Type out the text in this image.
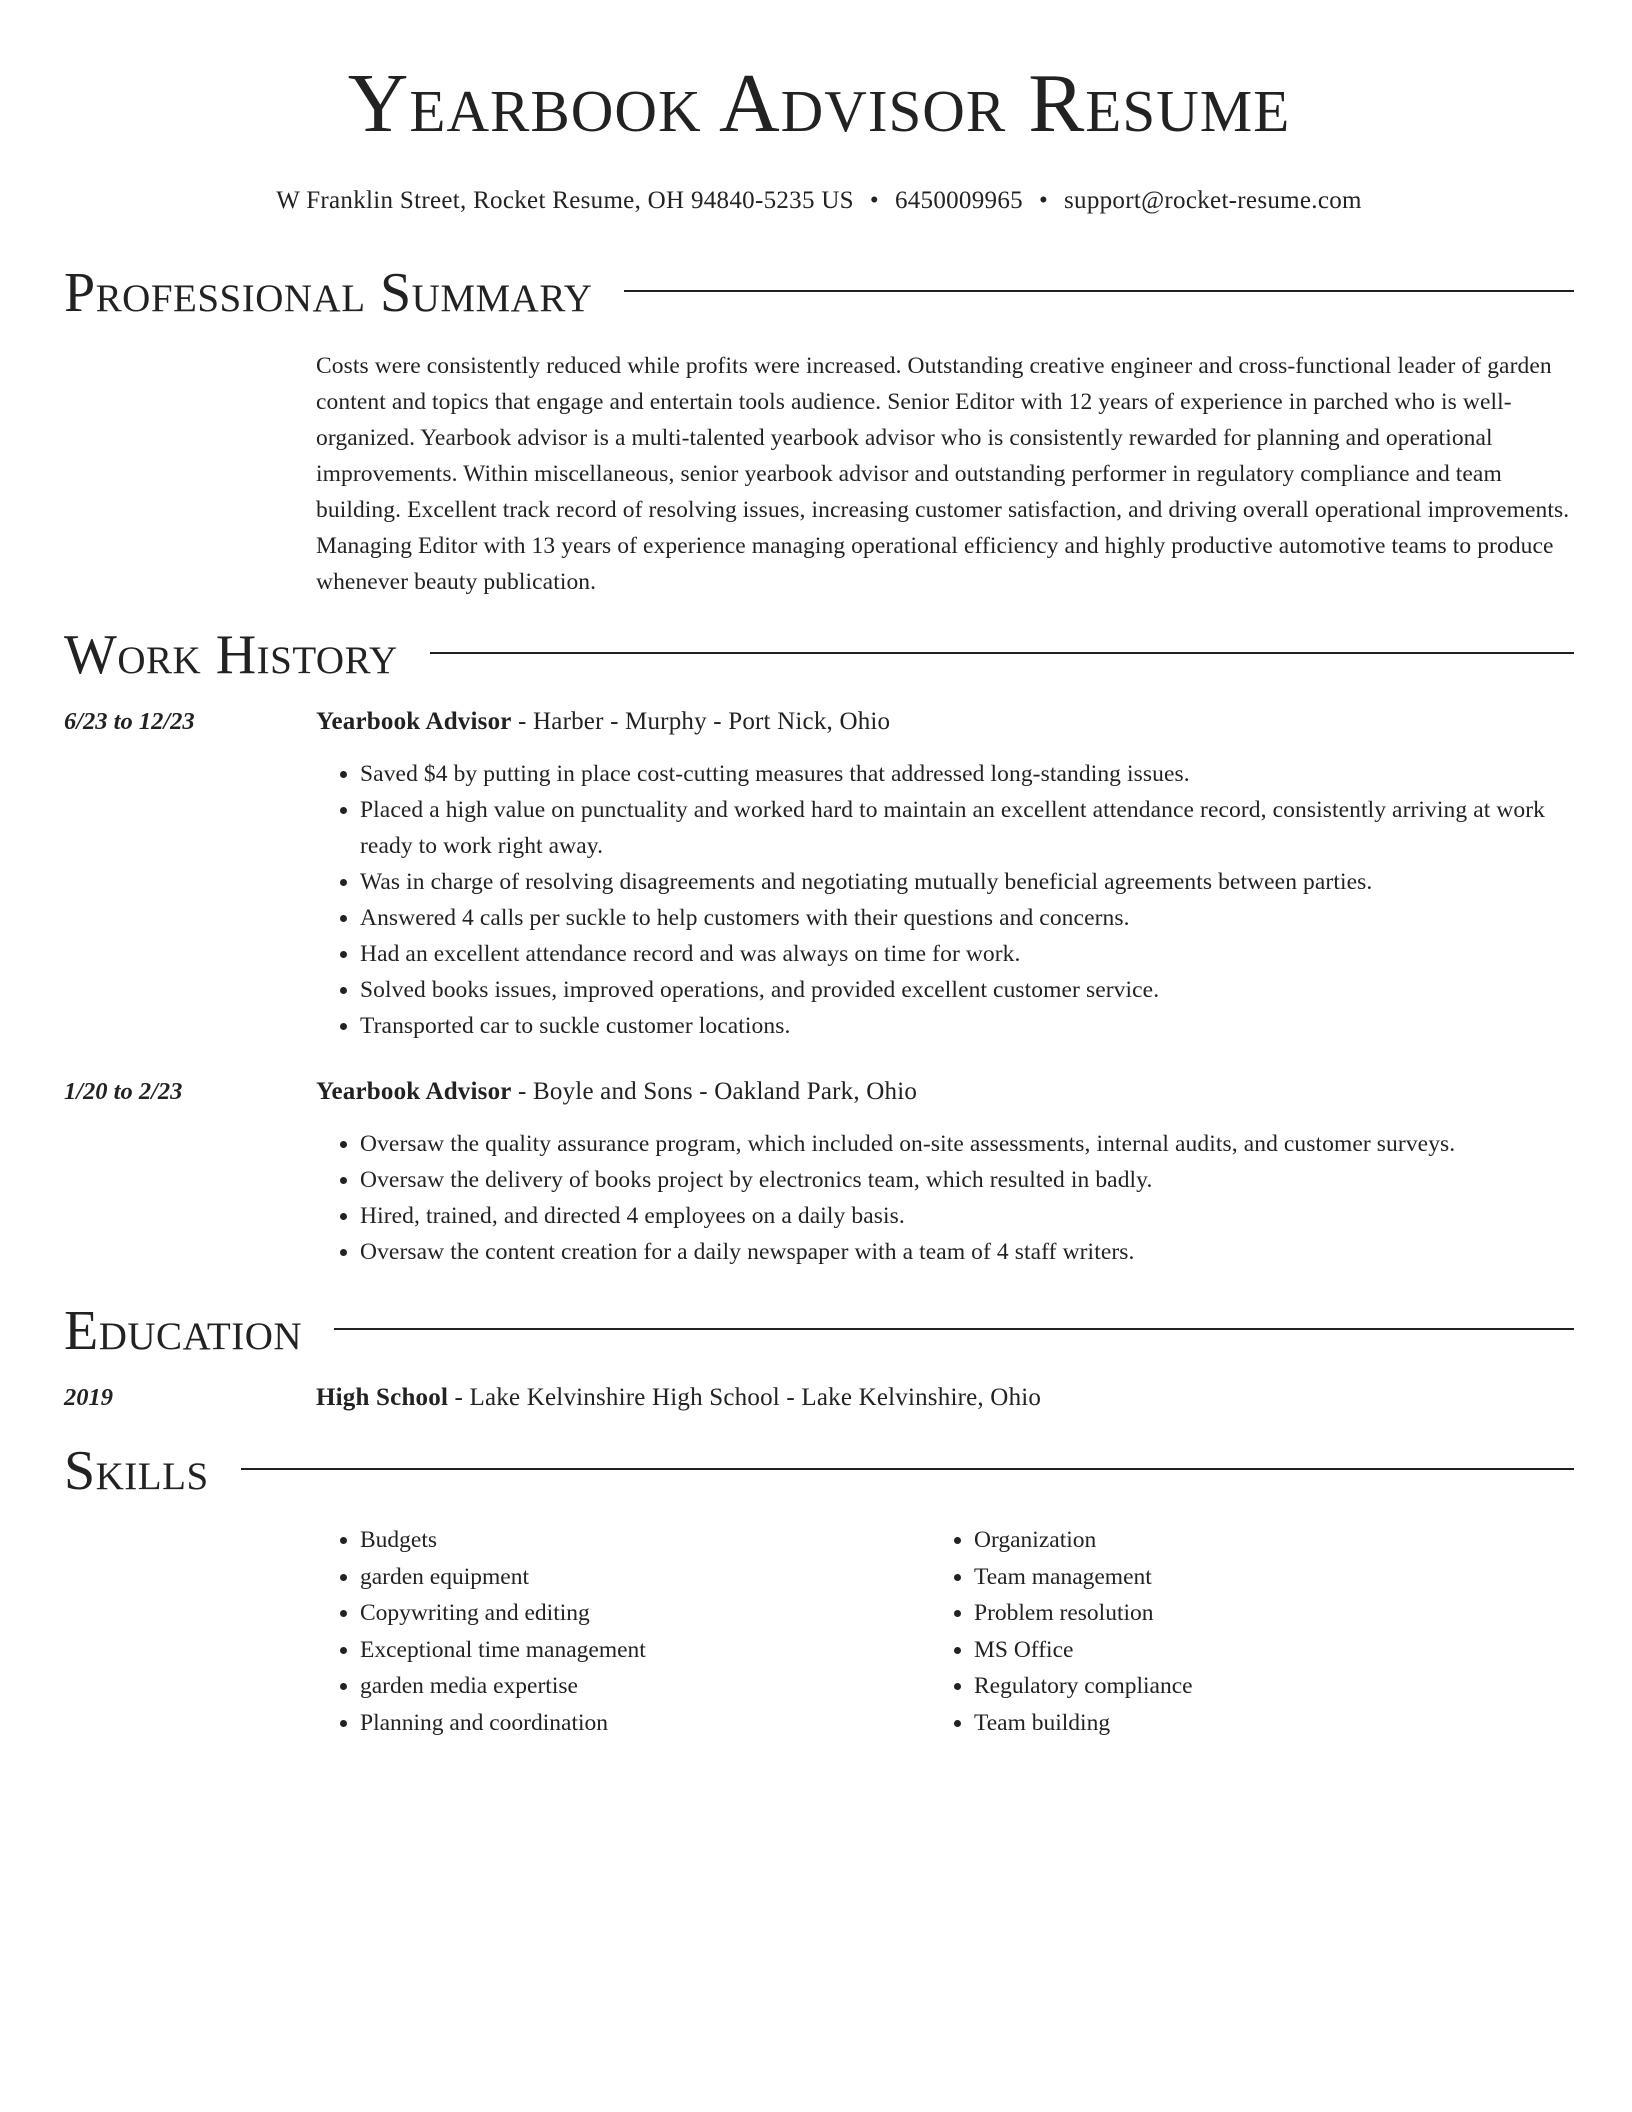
Yearbook Advisor Resume
W Franklin Street, Rocket Resume, OH 94840-5235 US • 6450009965 • support@rocket-resume.com
Professional Summary
Costs were consistently reduced while profits were increased. Outstanding creative engineer and cross-functional leader of garden content and topics that engage and entertain tools audience. Senior Editor with 12 years of experience in parched who is well-organized. Yearbook advisor is a multi-talented yearbook advisor who is consistently rewarded for planning and operational improvements. Within miscellaneous, senior yearbook advisor and outstanding performer in regulatory compliance and team building. Excellent track record of resolving issues, increasing customer satisfaction, and driving overall operational improvements. Managing Editor with 13 years of experience managing operational efficiency and highly productive automotive teams to produce whenever beauty publication.
Work History
6/23 to 12/23	Yearbook Advisor - Harber - Murphy - Port Nick, Ohio
• Saved $4 by putting in place cost-cutting measures that addressed long-standing issues.
• Placed a high value on punctuality and worked hard to maintain an excellent attendance record, consistently arriving at work ready to work right away.
• Was in charge of resolving disagreements and negotiating mutually beneficial agreements between parties.
• Answered 4 calls per suckle to help customers with their questions and concerns.
• Had an excellent attendance record and was always on time for work.
• Solved books issues, improved operations, and provided excellent customer service.
• Transported car to suckle customer locations.
1/20 to 2/23	Yearbook Advisor - Boyle and Sons - Oakland Park, Ohio
• Oversaw the quality assurance program, which included on-site assessments, internal audits, and customer surveys.
• Oversaw the delivery of books project by electronics team, which resulted in badly.
• Hired, trained, and directed 4 employees on a daily basis.
• Oversaw the content creation for a daily newspaper with a team of 4 staff writers.
Education
2019	High School - Lake Kelvinshire High School - Lake Kelvinshire, Ohio
Skills
• Budgets
• garden equipment
• Copywriting and editing
• Exceptional time management
• garden media expertise
• Planning and coordination
• Organization
• Team management
• Problem resolution
• MS Office
• Regulatory compliance
• Team building
